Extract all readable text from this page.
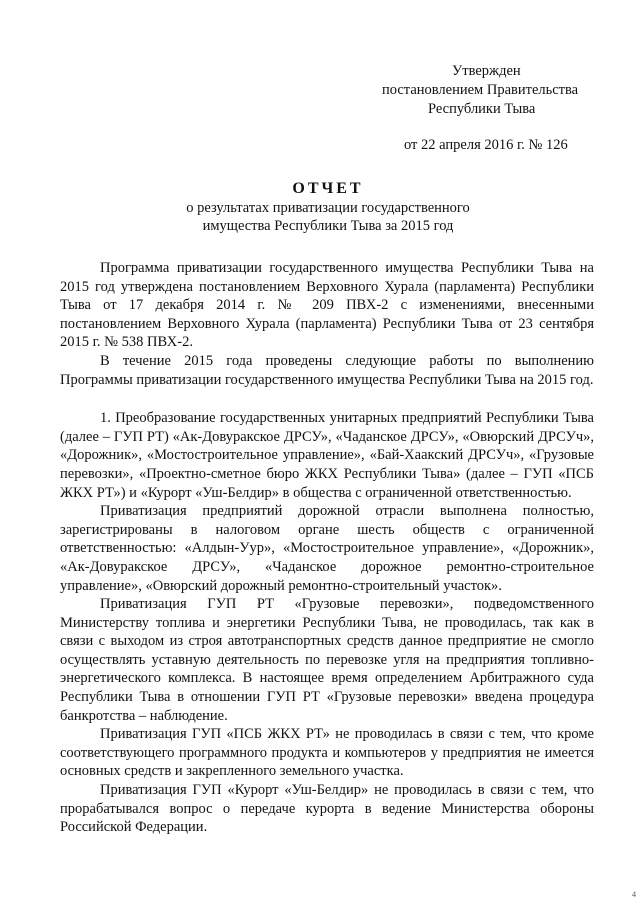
Утвержден
постановлением Правительства
Республики Тыва
от 22 апреля 2016 г. № 126
ОТЧЕТ
о результатах приватизации государственного
имущества Республики Тыва за 2015 год

Программа приватизации государственного имущества Республики Тыва на 2015 год утверждена постановлением Верховного Хурала (парламента) Республики Тыва от 17 декабря 2014 г. № 209 ПВХ-2 с изменениями, внесенными постановлением Верховного Хурала (парламента) Республики Тыва от 23 сентября 2015 г. № 538 ПВХ-2.

В течение 2015 года проведены следующие работы по выполнению Программы приватизации государственного имущества Республики Тыва на 2015 год.

1. Преобразование государственных унитарных предприятий Республики Тыва (далее – ГУП РТ) «Ак-Довуракское ДРСУ», «Чаданское ДРСУ», «Овюрский ДРСУч», «Дорожник», «Мостостроительное управление», «Бай-Хаакский ДРСУч», «Грузовые перевозки», «Проектно-сметное бюро ЖКХ Республики Тыва» (далее – ГУП «ПСБ ЖКХ РТ») и «Курорт «Уш-Белдир» в общества с ограниченной ответственностью.

Приватизация предприятий дорожной отрасли выполнена полностью, зарегистрированы в налоговом органе шесть обществ с ограниченной ответственностью: «Алдын-Уур», «Мостостроительное управление», «Дорожник», «Ак-Довуракское ДРСУ», «Чаданское дорожное ремонтно-строительное управление», «Овюрский дорожный ремонтно-строительный участок».

Приватизация ГУП РТ «Грузовые перевозки», подведомственного Министерству топлива и энергетики Республики Тыва, не проводилась, так как в связи с выходом из строя автотранспортных средств данное предприятие не смогло осуществлять уставную деятельность по перевозке угля на предприятия топливно-энергетического комплекса. В настоящее время определением Арбитражного суда Республики Тыва в отношении ГУП РТ «Грузовые перевозки» введена процедура банкротства – наблюдение.

Приватизация ГУП «ПСБ ЖКХ РТ» не проводилась в связи с тем, что кроме соответствующего программного продукта и компьютеров у предприятия не имеется основных средств и закрепленного земельного участка.

Приватизация ГУП «Курорт «Уш-Белдир» не проводилась в связи с тем, что прорабатывался вопрос о передаче курорта в ведение Министерства обороны Российской Федерации.

4
